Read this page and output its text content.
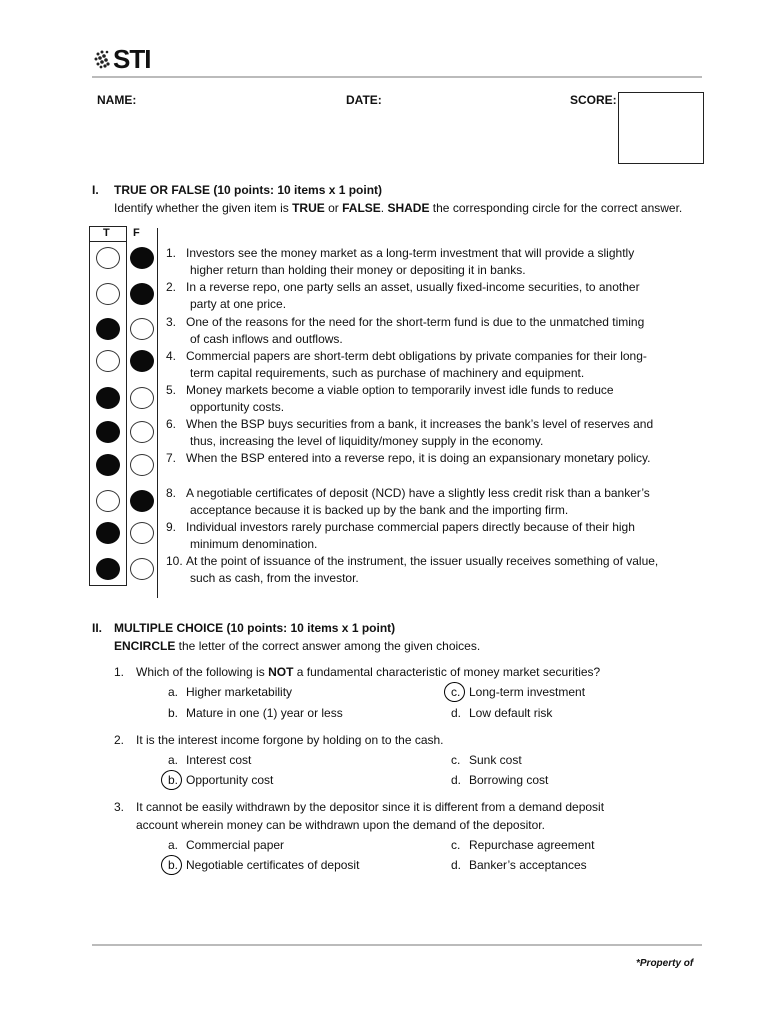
STI
NAME:	DATE:	SCORE:
I. TRUE OR FALSE (10 points: 10 items x 1 point)
Identify whether the given item is TRUE or FALSE. SHADE the corresponding circle for the correct answer.
T F
1. Investors see the money market as a long-term investment that will provide a slightly
higher return than holding their money or depositing it in banks.
2. In a reverse repo, one party sells an asset, usually fixed-income securities, to another
party at one price.
3. One of the reasons for the need for the short-term fund is due to the unmatched timing
of cash inflows and outflows.
4. Commercial papers are short-term debt obligations by private companies for their long-
term capital requirements, such as purchase of machinery and equipment.
5. Money markets become a viable option to temporarily invest idle funds to reduce
opportunity costs.
6. When the BSP buys securities from a bank, it increases the bank’s level of reserves and
thus, increasing the level of liquidity/money supply in the economy.
7. When the BSP entered into a reverse repo, it is doing an expansionary monetary policy.
8. A negotiable certificates of deposit (NCD) have a slightly less credit risk than a banker’s
acceptance because it is backed up by the bank and the importing firm.
9. Individual investors rarely purchase commercial papers directly because of their high
minimum denomination.
10. At the point of issuance of the instrument, the issuer usually receives something of value,
such as cash, from the investor.
II. MULTIPLE CHOICE (10 points: 10 items x 1 point)
ENCIRCLE the letter of the correct answer among the given choices.
1. Which of the following is NOT a fundamental characteristic of money market securities?
a. Higher marketability	c. Long-term investment
b. Mature in one (1) year or less	d. Low default risk
2. It is the interest income forgone by holding on to the cash.
a. Interest cost	c. Sunk cost
b. Opportunity cost	d. Borrowing cost
3. It cannot be easily withdrawn by the depositor since it is different from a demand deposit
account wherein money can be withdrawn upon the demand of the depositor.
a. Commercial paper	c. Repurchase agreement
b. Negotiable certificates of deposit	d. Banker’s acceptances
*Property of
